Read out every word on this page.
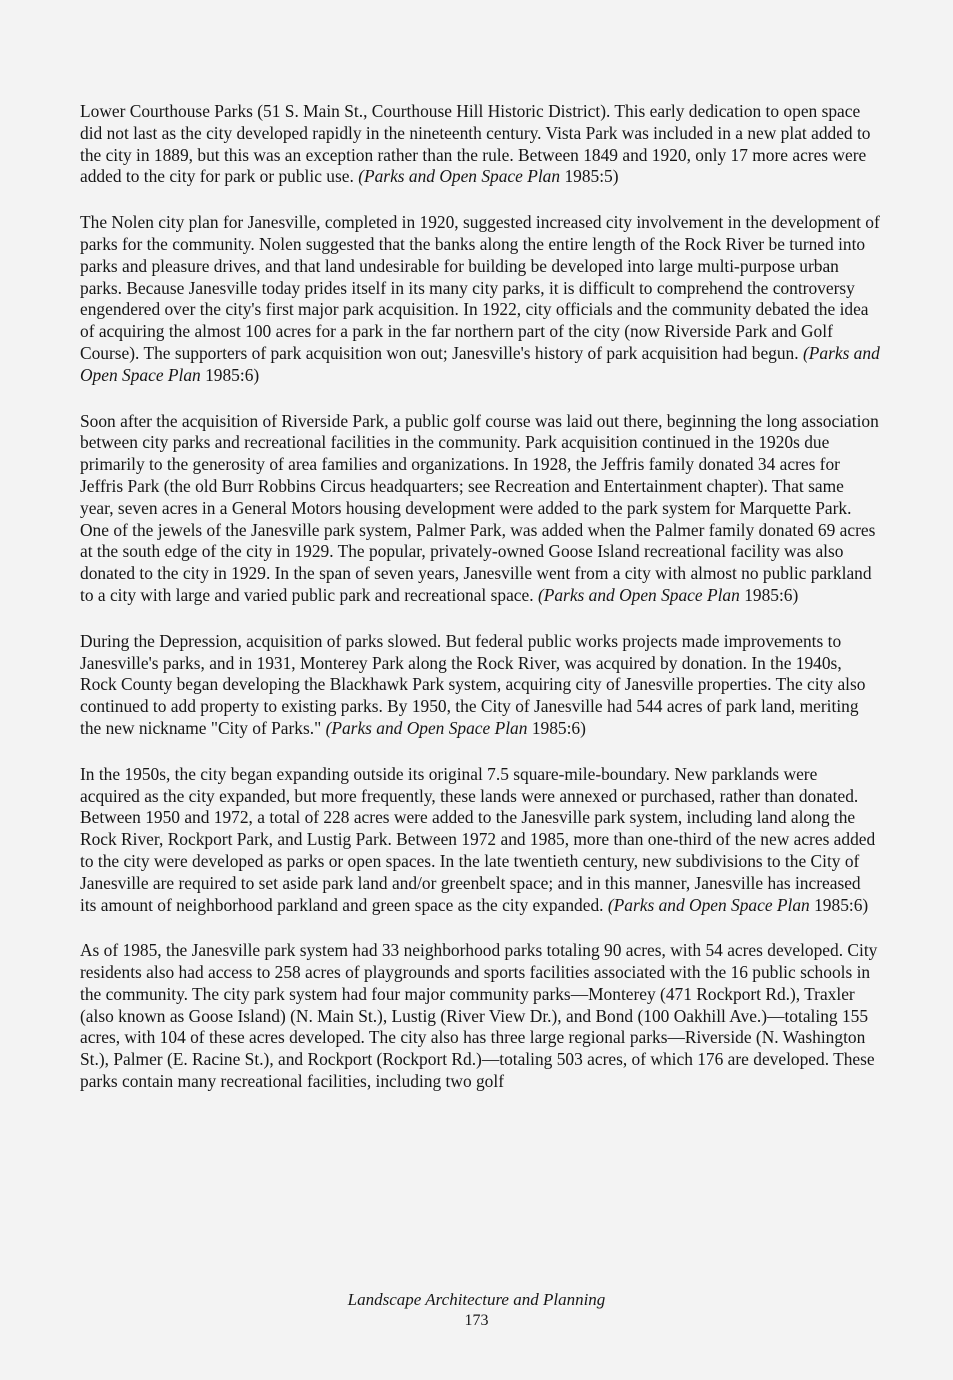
Lower Courthouse Parks (51 S. Main St., Courthouse Hill Historic District). This early dedication to open space did not last as the city developed rapidly in the nineteenth century. Vista Park was included in a new plat added to the city in 1889, but this was an exception rather than the rule. Between 1849 and 1920, only 17 more acres were added to the city for park or public use. (Parks and Open Space Plan 1985:5)

The Nolen city plan for Janesville, completed in 1920, suggested increased city involvement in the development of parks for the community. Nolen suggested that the banks along the entire length of the Rock River be turned into parks and pleasure drives, and that land undesirable for building be developed into large multi-purpose urban parks. Because Janesville today prides itself in its many city parks, it is difficult to comprehend the controversy engendered over the city's first major park acquisition. In 1922, city officials and the community debated the idea of acquiring the almost 100 acres for a park in the far northern part of the city (now Riverside Park and Golf Course). The supporters of park acquisition won out; Janesville's history of park acquisition had begun. (Parks and Open Space Plan 1985:6)

Soon after the acquisition of Riverside Park, a public golf course was laid out there, beginning the long association between city parks and recreational facilities in the community. Park acquisition continued in the 1920s due primarily to the generosity of area families and organizations. In 1928, the Jeffris family donated 34 acres for Jeffris Park (the old Burr Robbins Circus headquarters; see Recreation and Entertainment chapter). That same year, seven acres in a General Motors housing development were added to the park system for Marquette Park. One of the jewels of the Janesville park system, Palmer Park, was added when the Palmer family donated 69 acres at the south edge of the city in 1929. The popular, privately-owned Goose Island recreational facility was also donated to the city in 1929. In the span of seven years, Janesville went from a city with almost no public parkland to a city with large and varied public park and recreational space. (Parks and Open Space Plan 1985:6)

During the Depression, acquisition of parks slowed. But federal public works projects made improvements to Janesville's parks, and in 1931, Monterey Park along the Rock River, was acquired by donation. In the 1940s, Rock County began developing the Blackhawk Park system, acquiring city of Janesville properties. The city also continued to add property to existing parks. By 1950, the City of Janesville had 544 acres of park land, meriting the new nickname "City of Parks." (Parks and Open Space Plan 1985:6)

In the 1950s, the city began expanding outside its original 7.5 square-mile-boundary. New parklands were acquired as the city expanded, but more frequently, these lands were annexed or purchased, rather than donated. Between 1950 and 1972, a total of 228 acres were added to the Janesville park system, including land along the Rock River, Rockport Park, and Lustig Park. Between 1972 and 1985, more than one-third of the new acres added to the city were developed as parks or open spaces. In the late twentieth century, new subdivisions to the City of Janesville are required to set aside park land and/or greenbelt space; and in this manner, Janesville has increased its amount of neighborhood parkland and green space as the city expanded. (Parks and Open Space Plan 1985:6)

As of 1985, the Janesville park system had 33 neighborhood parks totaling 90 acres, with 54 acres developed. City residents also had access to 258 acres of playgrounds and sports facilities associated with the 16 public schools in the community. The city park system had four major community parks—Monterey (471 Rockport Rd.), Traxler (also known as Goose Island) (N. Main St.), Lustig (River View Dr.), and Bond (100 Oakhill Ave.)—totaling 155 acres, with 104 of these acres developed. The city also has three large regional parks—Riverside (N. Washington St.), Palmer (E. Racine St.), and Rockport (Rockport Rd.)—totaling 503 acres, of which 176 are developed. These parks contain many recreational facilities, including two golf

Landscape Architecture and Planning
173
